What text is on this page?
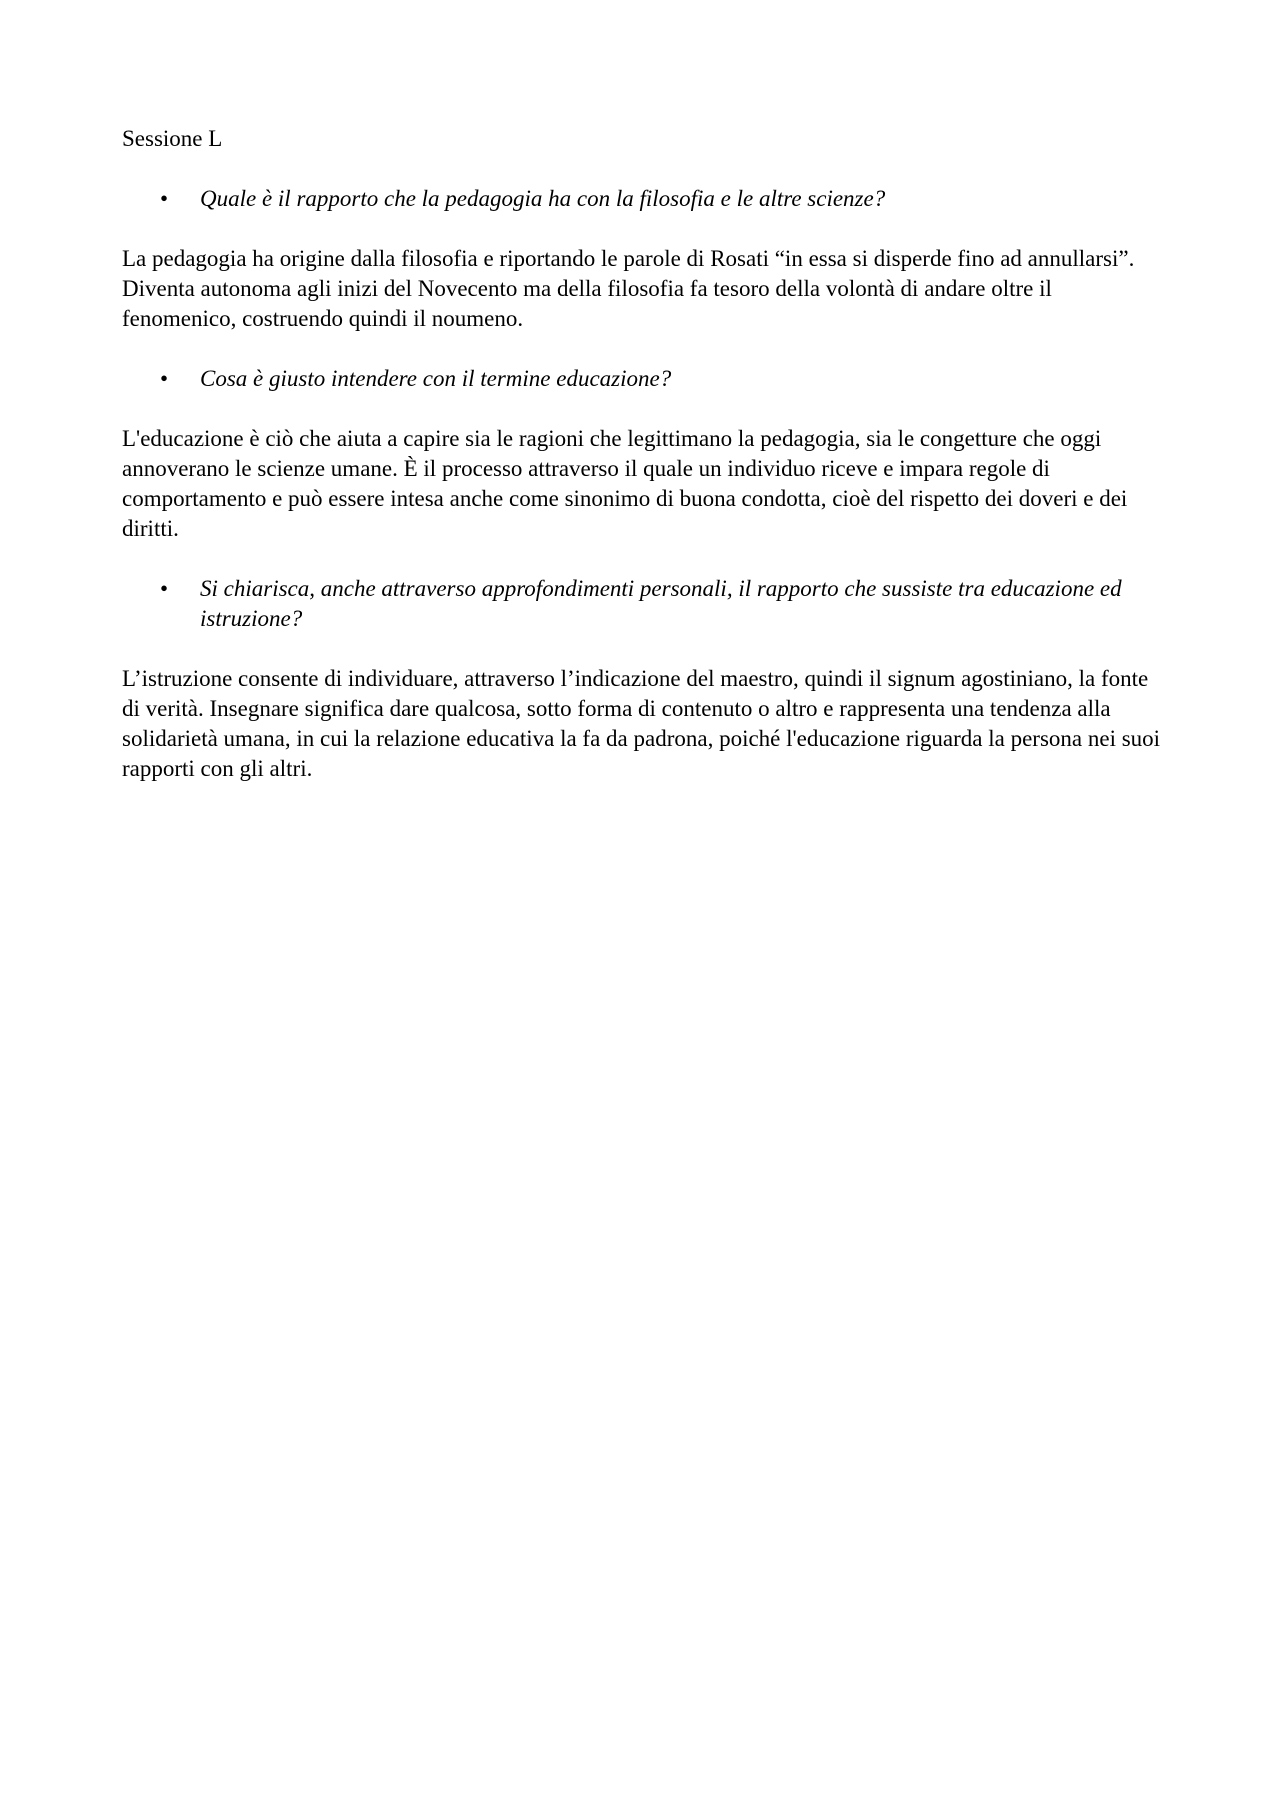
Sessione L
• Quale è il rapporto che la pedagogia ha con la filosofia e le altre scienze?
La pedagogia ha origine dalla filosofia e riportando le parole di Rosati “in essa si disperde fino ad annullarsi”. Diventa autonoma agli inizi del Novecento ma della filosofia fa tesoro della volontà di andare oltre il fenomenico, costruendo quindi il noumeno.
• Cosa è giusto intendere con il termine educazione?
L'educazione è ciò che aiuta a capire sia le ragioni che legittimano la pedagogia, sia le congetture che oggi annoverano le scienze umane. È il processo attraverso il quale un individuo riceve e impara regole di comportamento e può essere intesa anche come sinonimo di buona condotta, cioè del rispetto dei doveri e dei diritti.
• Si chiarisca, anche attraverso approfondimenti personali, il rapporto che sussiste tra educazione ed istruzione?
L’istruzione consente di individuare, attraverso l’indicazione del maestro, quindi il signum agostiniano, la fonte di verità. Insegnare significa dare qualcosa, sotto forma di contenuto o altro e rappresenta una tendenza alla solidarietà umana, in cui la relazione educativa la fa da padrona, poiché l'educazione riguarda la persona nei suoi rapporti con gli altri.
